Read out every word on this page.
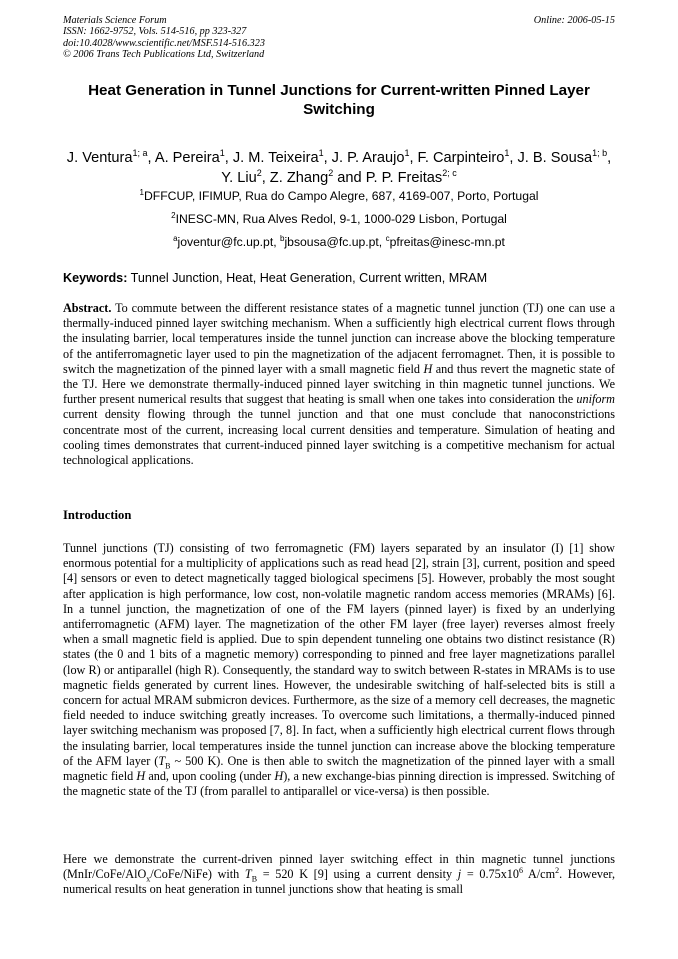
Materials Science Forum
ISSN: 1662-9752, Vols. 514-516, pp 323-327
doi:10.4028/www.scientific.net/MSF.514-516.323
© 2006 Trans Tech Publications Ltd, Switzerland
Online: 2006-05-15
Heat Generation in Tunnel Junctions for Current-written Pinned Layer Switching
J. Ventura$^{1; a}$, A. Pereira$^1$, J. M. Teixeira$^1$, J. P. Araujo$^1$, F. Carpinteiro$^1$, J. B. Sousa$^{1; b}$, Y. Liu$^2$, Z. Zhang$^2$ and P. P. Freitas$^{2; c}$
$^1$DFFCUP, IFIMUP, Rua do Campo Alegre, 687, 4169-007, Porto, Portugal
$^2$INESC-MN, Rua Alves Redol, 9-1, 1000-029 Lisbon, Portugal
$^a$joventur@fc.up.pt, $^b$jbsousa@fc.up.pt, $^c$pfreitas@inesc-mn.pt
Keywords: Tunnel Junction, Heat, Heat Generation, Current written, MRAM
Abstract. To commute between the different resistance states of a magnetic tunnel junction (TJ) one can use a thermally-induced pinned layer switching mechanism. When a sufficiently high electrical current flows through the insulating barrier, local temperatures inside the tunnel junction can increase above the blocking temperature of the antiferromagnetic layer used to pin the magnetization of the adjacent ferromagnet. Then, it is possible to switch the magnetization of the pinned layer with a small magnetic field H and thus revert the magnetic state of the TJ. Here we demonstrate thermally-induced pinned layer switching in thin magnetic tunnel junctions. We further present numerical results that suggest that heating is small when one takes into consideration the uniform current density flowing through the tunnel junction and that one must conclude that nanoconstrictions concentrate most of the current, increasing local current densities and temperature. Simulation of heating and cooling times demonstrates that current-induced pinned layer switching is a competitive mechanism for actual technological applications.
Introduction
Tunnel junctions (TJ) consisting of two ferromagnetic (FM) layers separated by an insulator (I) [1] show enormous potential for a multiplicity of applications such as read head [2], strain [3], current, position and speed [4] sensors or even to detect magnetically tagged biological specimens [5]. However, probably the most sought after application is high performance, low cost, non-volatile magnetic random access memories (MRAMs) [6]. In a tunnel junction, the magnetization of one of the FM layers (pinned layer) is fixed by an underlying antiferromagnetic (AFM) layer. The magnetization of the other FM layer (free layer) reverses almost freely when a small magnetic field is applied. Due to spin dependent tunneling one obtains two distinct resistance (R) states (the 0 and 1 bits of a magnetic memory) corresponding to pinned and free layer magnetizations parallel (low R) or antiparallel (high R). Consequently, the standard way to switch between R-states in MRAMs is to use magnetic fields generated by current lines. However, the undesirable switching of half-selected bits is still a concern for actual MRAM submicron devices. Furthermore, as the size of a memory cell decreases, the magnetic field needed to induce switching greatly increases. To overcome such limitations, a thermally-induced pinned layer switching mechanism was proposed [7, 8]. In fact, when a sufficiently high electrical current flows through the insulating barrier, local temperatures inside the tunnel junction can increase above the blocking temperature of the AFM layer ($T_B$ ~ 500 K). One is then able to switch the magnetization of the pinned layer with a small magnetic field H and, upon cooling (under H), a new exchange-bias pinning direction is impressed. Switching of the magnetic state of the TJ (from parallel to antiparallel or vice-versa) is then possible.
Here we demonstrate the current-driven pinned layer switching effect in thin magnetic tunnel junctions (MnIr/CoFe/AlO$_x$/CoFe/NiFe) with $T_B = 520$ K [9] using a current density $j = 0.75x10^6$ $A/cm^2$. However, numerical results on heat generation in tunnel junctions show that heating is small
